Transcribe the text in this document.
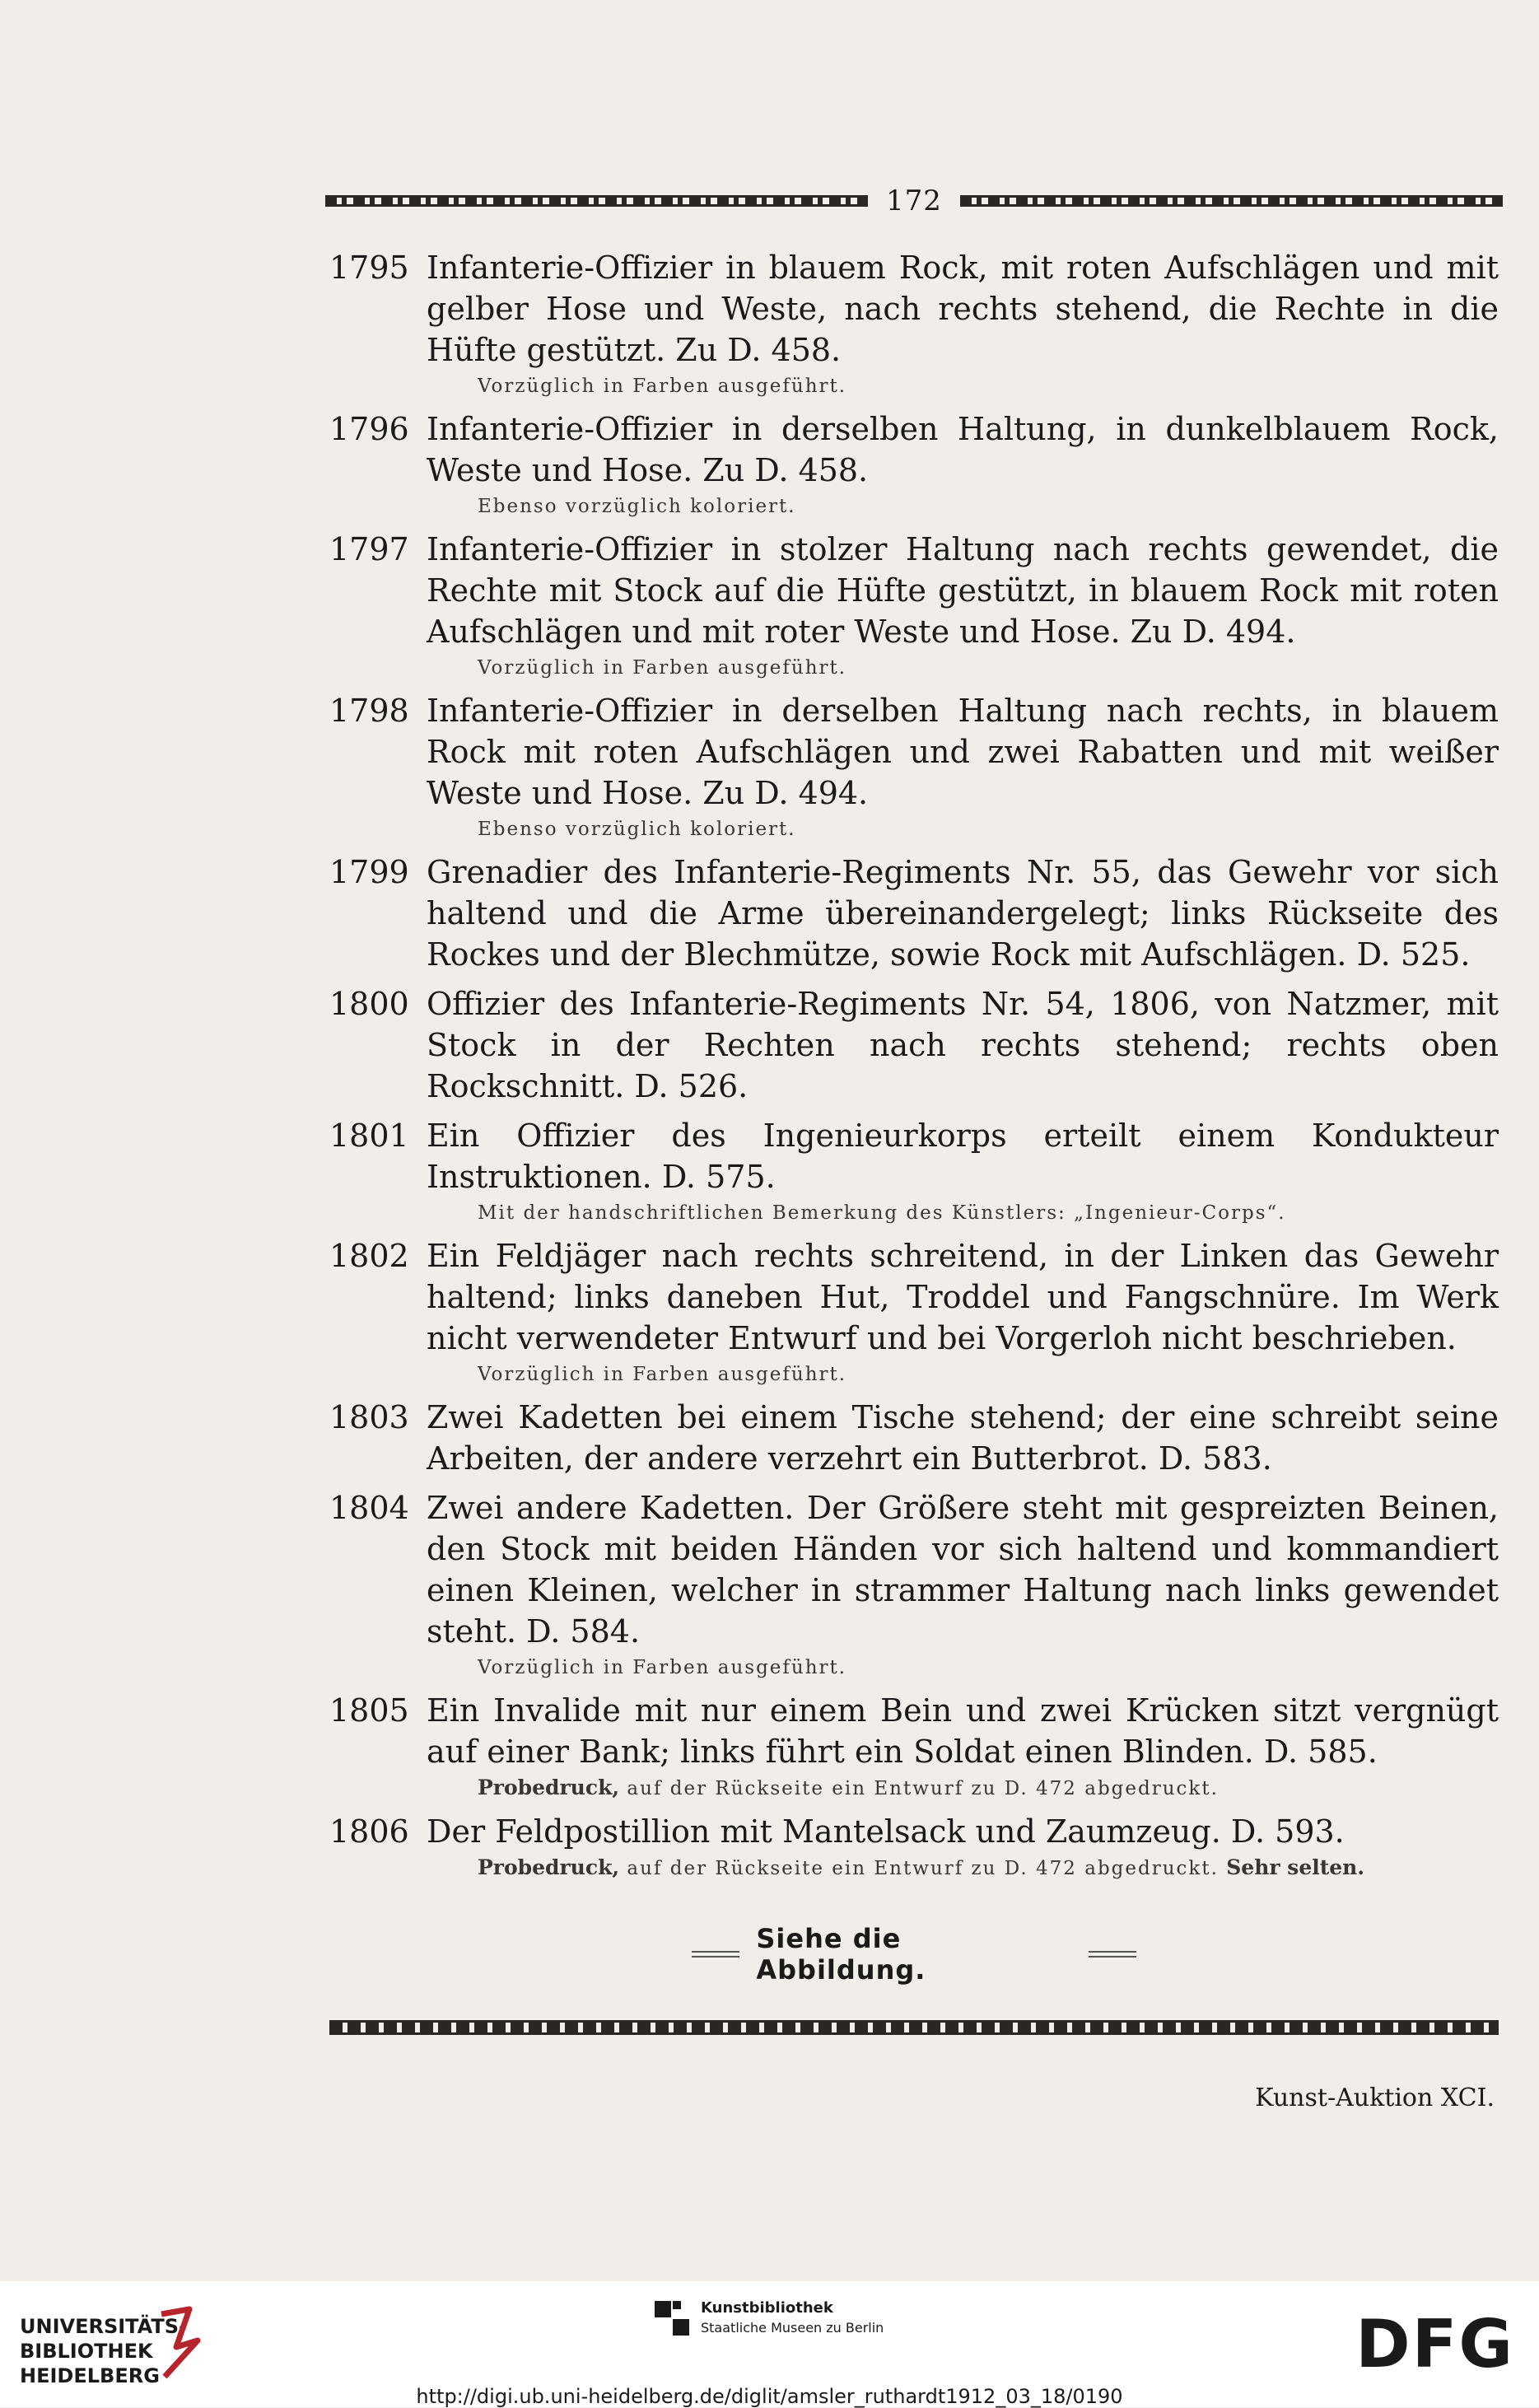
172
1795 Infanterie-Offizier in blauem Rock, mit roten Aufschlägen und mit gelber Hose und Weste, nach rechts stehend, die Rechte in die Hüfte gestützt. Zu D. 458.
Vorzüglich in Farben ausgeführt.
1796 Infanterie-Offizier in derselben Haltung, in dunkelblauem Rock, Weste und Hose. Zu D. 458.
Ebenso vorzüglich koloriert.
1797 Infanterie-Offizier in stolzer Haltung nach rechts gewendet, die Rechte mit Stock auf die Hüfte gestützt, in blauem Rock mit roten Aufschlägen und mit roter Weste und Hose. Zu D. 494.
Vorzüglich in Farben ausgeführt.
1798 Infanterie-Offizier in derselben Haltung nach rechts, in blauem Rock mit roten Aufschlägen und zwei Rabatten und mit weißer Weste und Hose. Zu D. 494.
Ebenso vorzüglich koloriert.
1799 Grenadier des Infanterie-Regiments Nr. 55, das Gewehr vor sich haltend und die Arme übereinandergelegt; links Rückseite des Rockes und der Blechmütze, sowie Rock mit Aufschlägen. D. 525.
1800 Offizier des Infanterie-Regiments Nr. 54, 1806, von Natzmer, mit Stock in der Rechten nach rechts stehend; rechts oben Rockschnitt. D. 526.
1801 Ein Offizier des Ingenieurkorps erteilt einem Kondukteur Instruktionen. D. 575.
Mit der handschriftlichen Bemerkung des Künstlers: „Ingenieur-Corps“.
1802 Ein Feldjäger nach rechts schreitend, in der Linken das Gewehr haltend; links daneben Hut, Troddel und Fangschnüre. Im Werk nicht verwendeter Entwurf und bei Vorgerloh nicht beschrieben.
Vorzüglich in Farben ausgeführt.
1803 Zwei Kadetten bei einem Tische stehend; der eine schreibt seine Arbeiten, der andere verzehrt ein Butterbrot. D. 583.
1804 Zwei andere Kadetten. Der Größere steht mit gespreizten Beinen, den Stock mit beiden Händen vor sich haltend und kommandiert einen Kleinen, welcher in strammer Haltung nach links gewendet steht. D. 584.
Vorzüglich in Farben ausgeführt.
1805 Ein Invalide mit nur einem Bein und zwei Krücken sitzt vergnügt auf einer Bank; links führt ein Soldat einen Blinden. D. 585.
Probedruck, auf der Rückseite ein Entwurf zu D. 472 abgedruckt.
1806 Der Feldpostillion mit Mantelsack und Zaumzeug. D. 593.
Probedruck, auf der Rückseite ein Entwurf zu D. 472 abgedruckt. Sehr selten.
Siehe die Abbildung.
Kunst-Auktion XCI.
UNIVERSITÄTS-
BIBLIOTHEK
HEIDELBERG
Kunstbibliothek
Staatliche Museen zu Berlin	DFG
http://digi.ub.uni-heidelberg.de/diglit/amsler_ruthardt1912_03_18/0190
